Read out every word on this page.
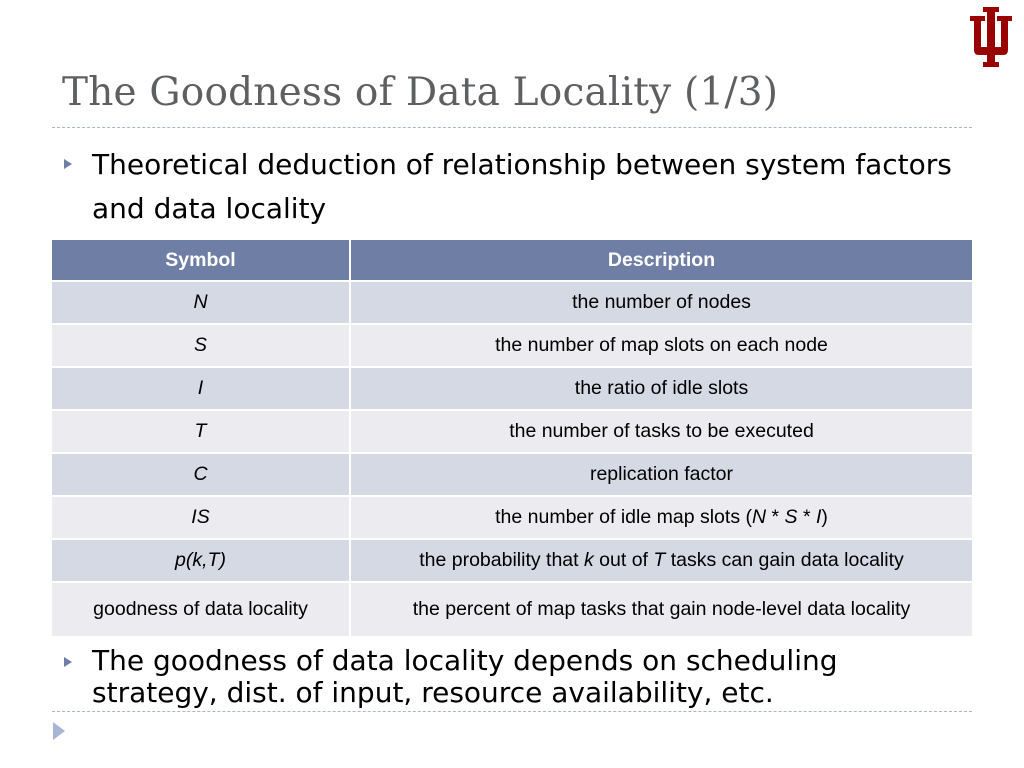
The Goodness of Data Locality (1/3)
Theoretical deduction of relationship between system factors and data locality
Symbol	Description
N	the number of nodes
S	the number of map slots on each node
I	the ratio of idle slots
T	the number of tasks to be executed
C	replication factor
IS	the number of idle map slots (N * S * I)
p(k,T)	the probability that k out of T tasks can gain data locality
goodness of data locality	the percent of map tasks that gain node-level data locality
The goodness of data locality depends on scheduling strategy, dist. of input, resource availability, etc.
